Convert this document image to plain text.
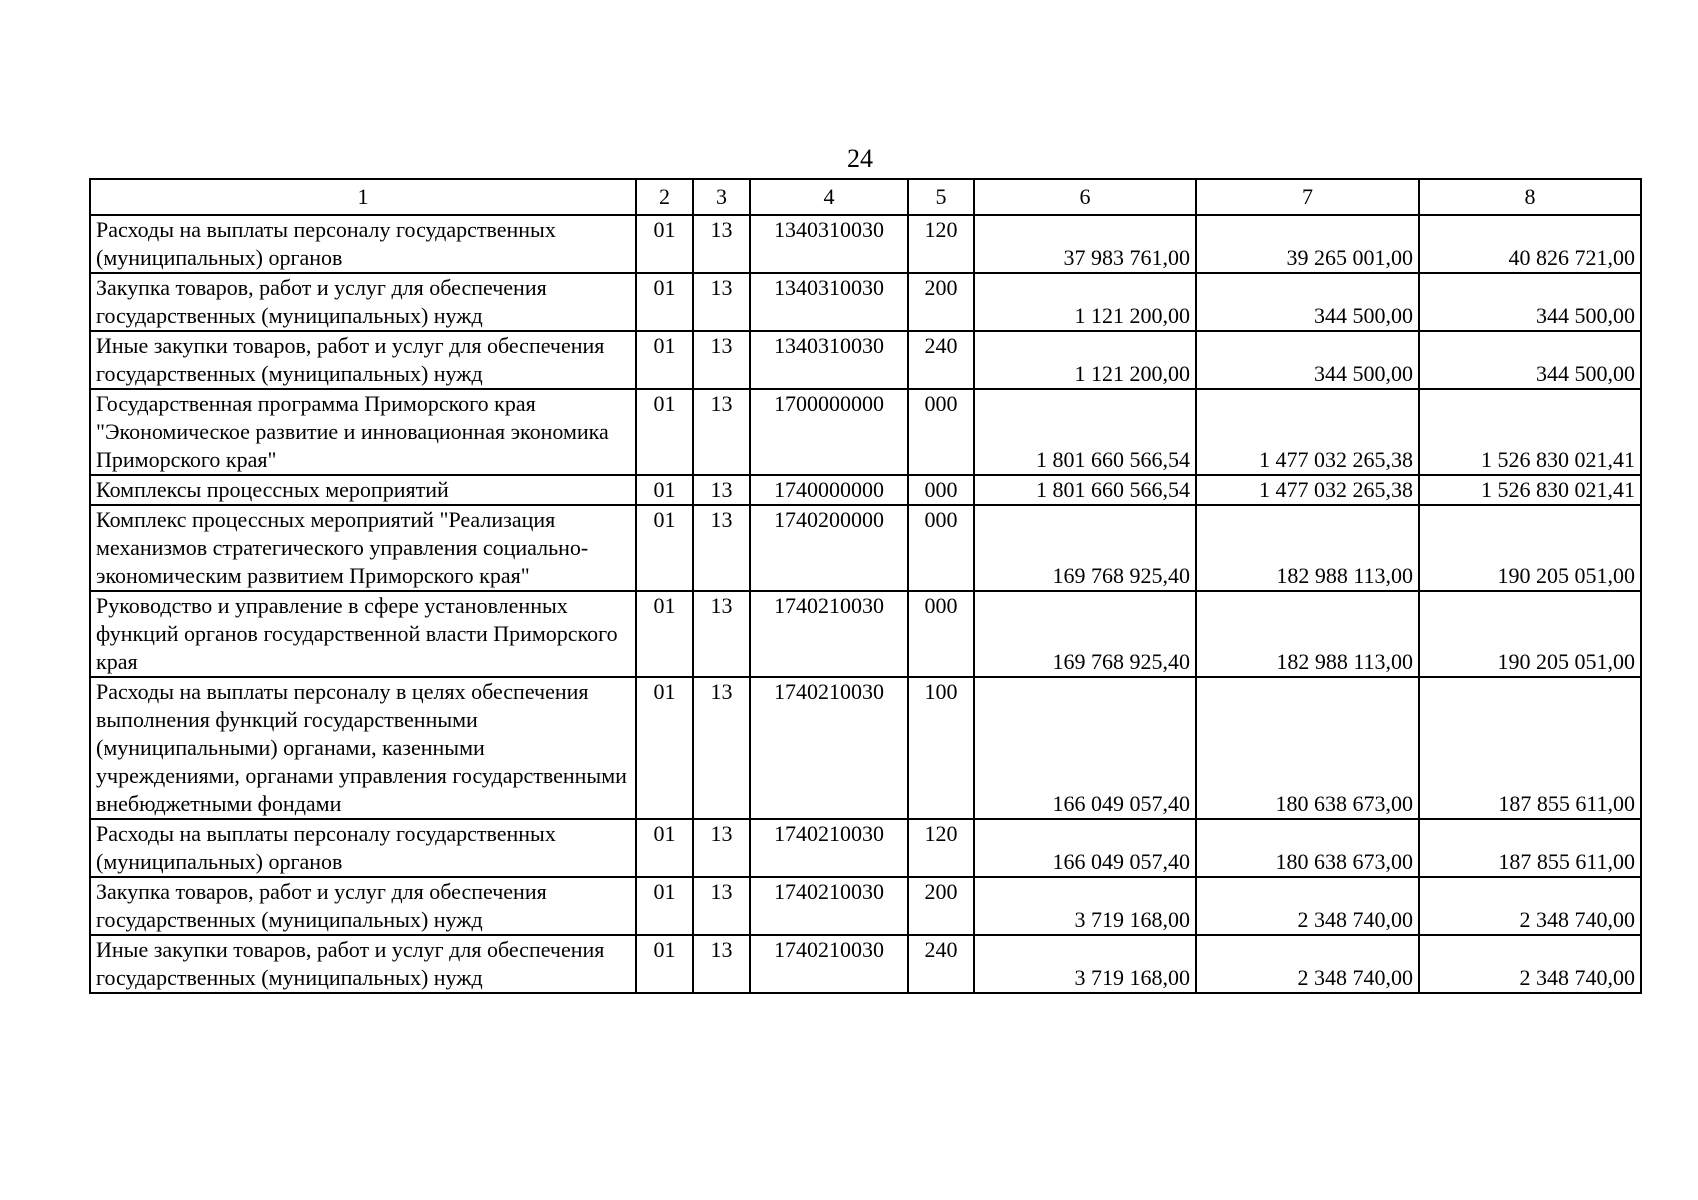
24
1	2	3	4	5	6	7	8
Расходы на выплаты персоналу государственных (муниципальных) органов	01	13	1340310030	120	37 983 761,00	39 265 001,00	40 826 721,00
Закупка товаров, работ и услуг для обеспечения государственных (муниципальных) нужд	01	13	1340310030	200	1 121 200,00	344 500,00	344 500,00
Иные закупки товаров, работ и услуг для обеспечения государственных (муниципальных) нужд	01	13	1340310030	240	1 121 200,00	344 500,00	344 500,00
Государственная программа Приморского края "Экономическое развитие и инновационная экономика Приморского края"	01	13	1700000000	000	1 801 660 566,54	1 477 032 265,38	1 526 830 021,41
Комплексы процессных мероприятий	01	13	1740000000	000	1 801 660 566,54	1 477 032 265,38	1 526 830 021,41
Комплекс процессных мероприятий "Реализация механизмов стратегического управления социально-экономическим развитием Приморского края"	01	13	1740200000	000	169 768 925,40	182 988 113,00	190 205 051,00
Руководство и управление в сфере установленных функций органов государственной власти Приморского края	01	13	1740210030	000	169 768 925,40	182 988 113,00	190 205 051,00
Расходы на выплаты персоналу в целях обеспечения выполнения функций государственными (муниципальными) органами, казенными учреждениями, органами управления государственными внебюджетными фондами	01	13	1740210030	100	166 049 057,40	180 638 673,00	187 855 611,00
Расходы на выплаты персоналу государственных (муниципальных) органов	01	13	1740210030	120	166 049 057,40	180 638 673,00	187 855 611,00
Закупка товаров, работ и услуг для обеспечения государственных (муниципальных) нужд	01	13	1740210030	200	3 719 168,00	2 348 740,00	2 348 740,00
Иные закупки товаров, работ и услуг для обеспечения государственных (муниципальных) нужд	01	13	1740210030	240	3 719 168,00	2 348 740,00	2 348 740,00
